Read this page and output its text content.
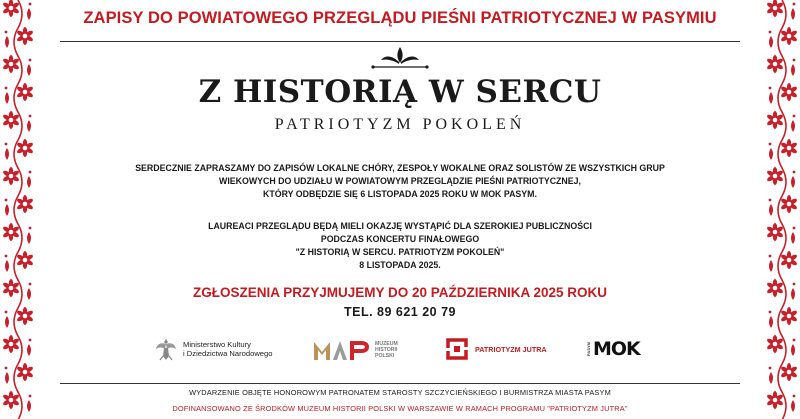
ZAPISY DO POWIATOWEGO PRZEGLĄDU PIEŚNI PATRIOTYCZNEJ W PASYMIU
Z HISTORIĄ W SERCU
PATRIOTYZM POKOLEŃ
SERDECZNIE ZAPRASZAMY DO ZAPISÓW LOKALNE CHÓRY, ZESPOŁY WOKALNE ORAZ SOLISTÓW ZE WSZYSTKICH GRUP
WIEKOWYCH DO UDZIAŁU W POWIATOWYM PRZEGLĄDZIE PIEŚNI PATRIOTYCZNEJ,
KTÓRY ODBĘDZIE SIĘ 6 LISTOPADA 2025 ROKU W MOK PASYM.
LAUREACI PRZEGLĄDU BĘDĄ MIELI OKAZJĘ WYSTĄPIĆ DLA SZEROKIEJ PUBLICZNOŚCI
PODCZAS KONCERTU FINAŁOWEGO
"Z HISTORIĄ W SERCU. PATRIOTYZM POKOLEŃ"
8 LISTOPADA 2025.
ZGŁOSZENIA PRZYJMUJEMY DO 20 PAŹDZIERNIKA 2025 ROKU
TEL. 89 621 20 79
Ministerstwo Kultury
i Dziedzictwa Narodowego
MUZEUM
HISTORII
POLSKI
PATRIOTYZM JUTRA	PASYM MOK
WYDARZENIE OBJĘTE HONOROWYM PATRONATEM STAROSTY SZCZYCIEŃSKIEGO I BURMISTRZA MIASTA PASYM
DOFINANSOWANO ZE ŚRODKÓW MUZEUM HISTORII POLSKI W WARSZAWIE W RAMACH PROGRAMU "PATRIOTYZM JUTRA"
